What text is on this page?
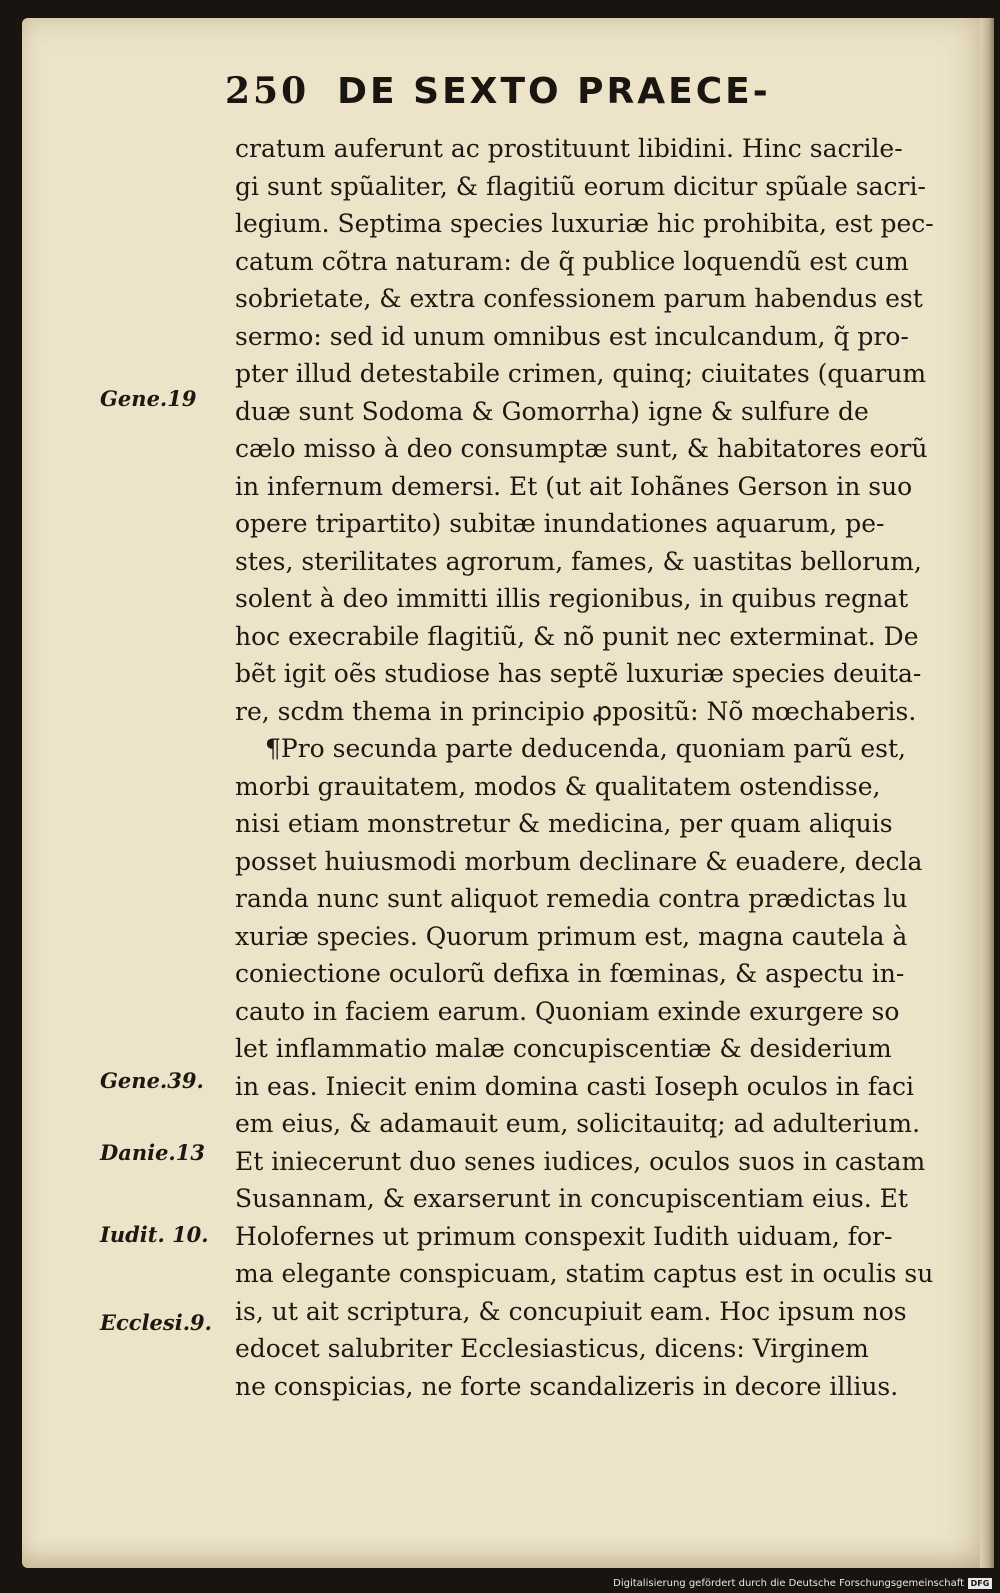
250 DE SEXTO PRAECE-
cratum auferunt ac prostituunt libidini. Hinc sacrile-
gi sunt spũaliter, & flagitiũ eorum dicitur spũale sacri-
legium. Septima species luxuriæ hic prohibita, est pec-
catum cõtra naturam: de q̃ publice loquendũ est cum
sobrietate, & extra confessionem parum habendus est
sermo: sed id unum omnibus est inculcandum, q̃ pro-
pter illud detestabile crimen, quinq; ciuitates (quarum
duæ sunt Sodoma & Gomorrha) igne & sulfure de
cælo misso à deo consumptæ sunt, & habitatores eorũ
in infernum demersi. Et (ut ait Iohãnes Gerson in suo
opere tripartito) subitæ inundationes aquarum, pe-
stes, sterilitates agrorum, fames, & uastitas bellorum,
solent à deo immitti illis regionibus, in quibus regnat
hoc execrabile flagitiũ, & nõ punit nec exterminat. De
bẽt igit oẽs studiose has septẽ luxuriæ species deuita-
re, scdm thema in principio ꝓpositũ: Nõ mœchaberis.
¶Pro secunda parte deducenda, quoniam parũ est,
morbi grauitatem, modos & qualitatem ostendisse,
nisi etiam monstretur & medicina, per quam aliquis
posset huiusmodi morbum declinare & euadere, decla
randa nunc sunt aliquot remedia contra prædictas lu
xuriæ species. Quorum primum est, magna cautela à
coniectione oculorũ defixa in fœminas, & aspectu in-
cauto in faciem earum. Quoniam exinde exurgere so
let inflammatio malæ concupiscentiæ & desiderium
in eas. Iniecit enim domina casti Ioseph oculos in faci
em eius, & adamauit eum, solicitauitq; ad adulterium.
Et iniecerunt duo senes iudices, oculos suos in castam
Susannam, & exarserunt in concupiscentiam eius. Et
Holofernes ut primum conspexit Iudith uiduam, for-
ma elegante conspicuam, statim captus est in oculis su
is, ut ait scriptura, & concupiuit eam. Hoc ipsum nos
edocet salubriter Ecclesiasticus, dicens: Virginem
ne conspicias, ne forte scandalizeris in decore illius.
Gene.19
Gene.39.
Danie.13
Iudit. 10.
Ecclesi.9.
Digitalisierung gefördert durch die Deutsche Forschungsgemeinschaft DFG
